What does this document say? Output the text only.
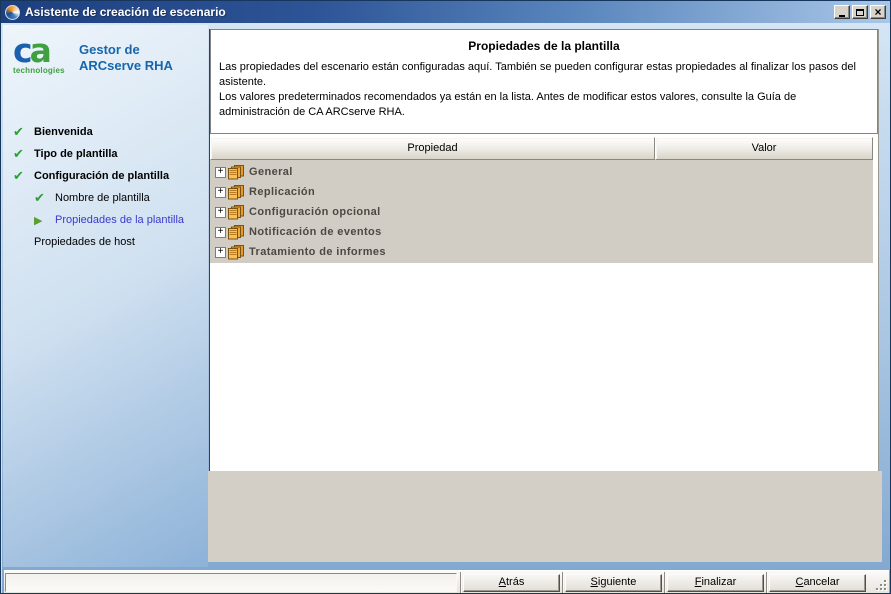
Asistente de creación de escenario	×
ca
technologies
Gestor de
ARCserve RHA
✔ Bienvenida
✔ Tipo de plantilla
✔ Configuración de plantilla
✔ Nombre de plantilla
▶	Propiedades de la plantilla
Propiedades de host
Propiedades de la plantilla
Las propiedades del escenario están configuradas aquí. También se pueden configurar estas propiedades al finalizar los pasos del asistente.
Los valores predeterminados recomendados ya están en la lista. Antes de modificar estos valores, consulte la Guía de administración de CA ARCserve RHA.
Propiedad	Valor
+ General
+ Replicación
+ Configuración opcional
+ Notificación de eventos
+ Tratamiento de informes
Atrás	Siguiente	Finalizar	Cancelar
